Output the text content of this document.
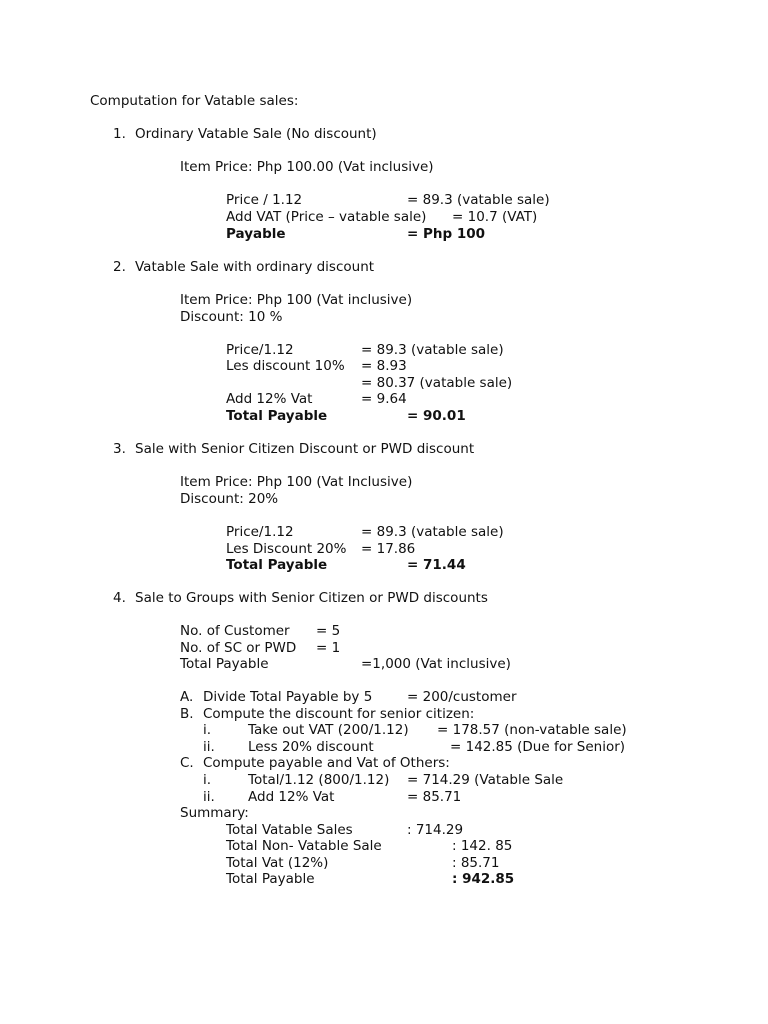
Computation for Vatable sales:
1. Ordinary Vatable Sale (No discount)
Item Price: Php 100.00 (Vat inclusive)
Price / 1.12	= 89.3 (vatable sale)
Add VAT (Price – vatable sale) = 10.7 (VAT)
Payable	= Php 100
2. Vatable Sale with ordinary discount
Item Price: Php 100 (Vat inclusive)
Discount: 10 %
Price/1.12	= 89.3 (vatable sale)
Les discount 10% = 8.93
= 80.37 (vatable sale)
Add 12% Vat	= 9.64
Total Payable	= 90.01
3. Sale with Senior Citizen Discount or PWD discount
Item Price: Php 100 (Vat Inclusive)
Discount: 20%
Price/1.12	= 89.3 (vatable sale)
Les Discount 20% = 17.86
Total Payable	= 71.44
4. Sale to Groups with Senior Citizen or PWD discounts
No. of Customer = 5
No. of SC or PWD = 1
Total Payable	=1,000 (Vat inclusive)
A. Divide Total Payable by 5	= 200/customer
B. Compute the discount for senior citizen:
i.	Take out VAT (200/1.12) = 178.57 (non-vatable sale)
ii. Less 20% discount	= 142.85 (Due for Senior)
C. Compute payable and Vat of Others:
i.	Total/1.12 (800/1.12) = 714.29 (Vatable Sale
ii. Add 12% Vat	= 85.71
Summary:
Total Vatable Sales	: 714.29
Total Non- Vatable Sale	: 142. 85
Total Vat (12%)	: 85.71
Total Payable	: 942.85
